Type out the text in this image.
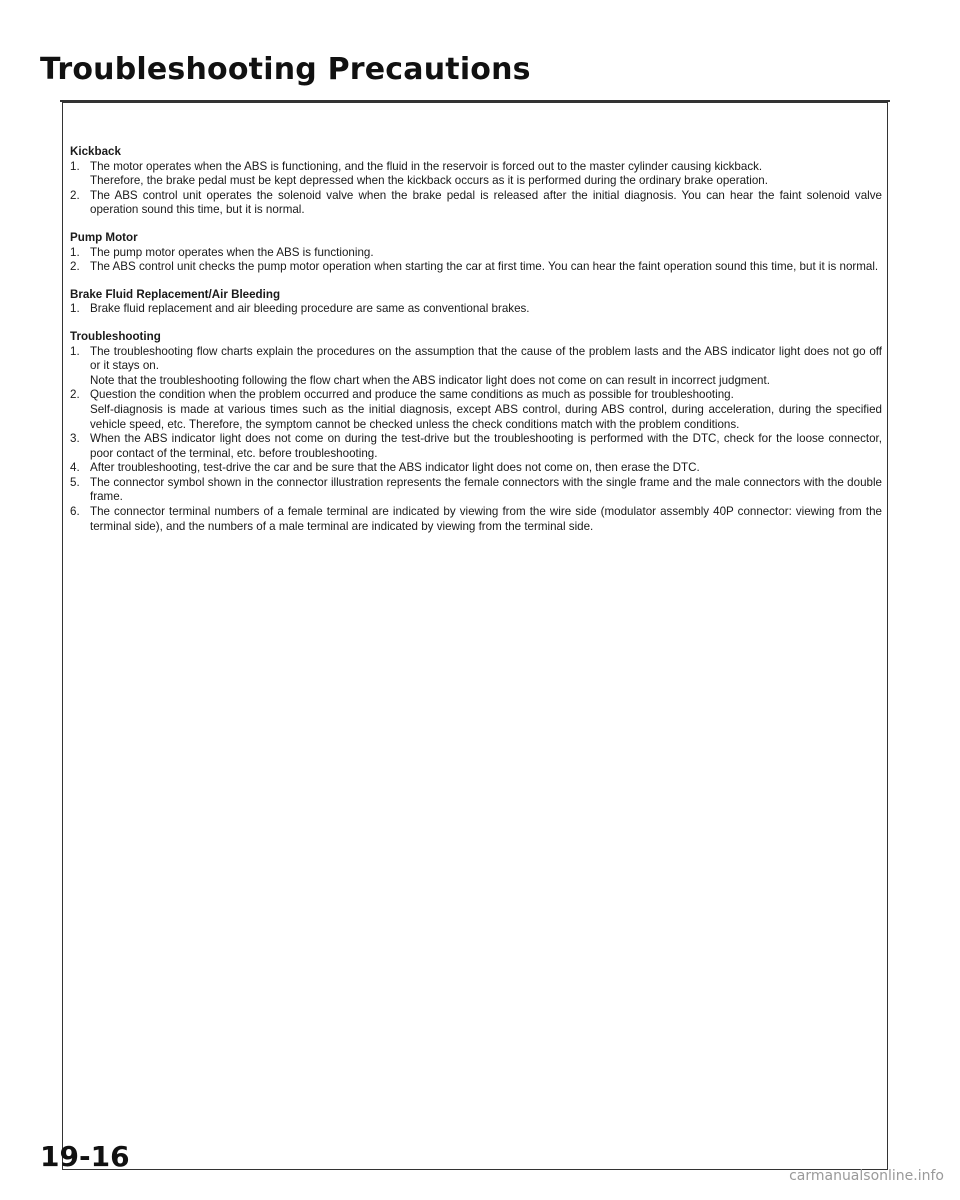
Troubleshooting Precautions

Kickback

1. The motor operates when the ABS is functioning, and the fluid in the reservoir is forced out to the master cylinder causing kickback.

Therefore, the brake pedal must be kept depressed when the kickback occurs as it is performed during the ordinary brake operation.

2. The ABS control unit operates the solenoid valve when the brake pedal is released after the initial diagnosis. You can hear the faint solenoid valve operation sound this time, but it is normal.

Pump Motor

1. The pump motor operates when the ABS is functioning.

2. The ABS control unit checks the pump motor operation when starting the car at first time. You can hear the faint operation sound this time, but it is normal.

Brake Fluid Replacement/Air Bleeding

1. Brake fluid replacement and air bleeding procedure are same as conventional brakes.

Troubleshooting

1. The troubleshooting flow charts explain the procedures on the assumption that the cause of the problem lasts and the ABS indicator light does not go off or it stays on.

Note that the troubleshooting following the flow chart when the ABS indicator light does not come on can result in incorrect judgment.

2. Question the condition when the problem occurred and produce the same conditions as much as possible for troubleshooting.

Self-diagnosis is made at various times such as the initial diagnosis, except ABS control, during ABS control, during acceleration, during the specified vehicle speed, etc. Therefore, the symptom cannot be checked unless the check conditions match with the problem conditions.

3. When the ABS indicator light does not come on during the test-drive but the troubleshooting is performed with the DTC, check for the loose connector, poor contact of the terminal, etc. before troubleshooting.

4. After troubleshooting, test-drive the car and be sure that the ABS indicator light does not come on, then erase the DTC.

5. The connector symbol shown in the connector illustration represents the female connectors with the single frame and the male connectors with the double frame.

6. The connector terminal numbers of a female terminal are indicated by viewing from the wire side (modulator assembly 40P connector: viewing from the terminal side), and the numbers of a male terminal are indicated by viewing from the terminal side.

19-16

carmanualsonline.info
